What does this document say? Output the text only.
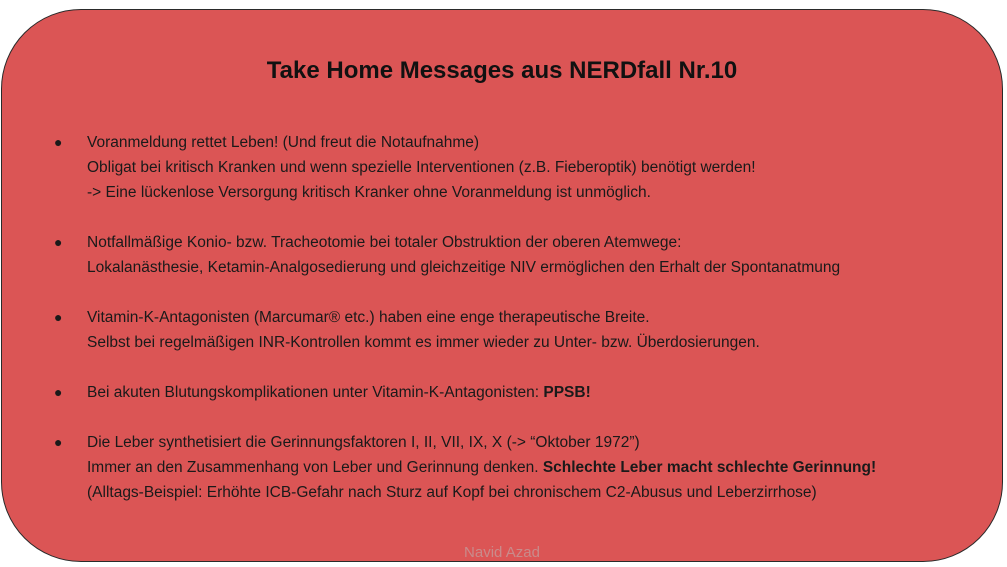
Take Home Messages aus NERDfall Nr.10
● Voranmeldung rettet Leben! (Und freut die Notaufnahme)
Obligat bei kritisch Kranken und wenn spezielle Interventionen (z.B. Fieberoptik) benötigt werden!
-> Eine lückenlose Versorgung kritisch Kranker ohne Voranmeldung ist unmöglich.
● Notfallmäßige Konio- bzw. Tracheotomie bei totaler Obstruktion der oberen Atemwege:
Lokalanästhesie, Ketamin-Analgosedierung und gleichzeitige NIV ermöglichen den Erhalt der Spontanatmung
● Vitamin-K-Antagonisten (Marcumar® etc.) haben eine enge therapeutische Breite.
Selbst bei regelmäßigen INR-Kontrollen kommt es immer wieder zu Unter- bzw. Überdosierungen.
● Bei akuten Blutungskomplikationen unter Vitamin-K-Antagonisten: PPSB!
● Die Leber synthetisiert die Gerinnungsfaktoren I, II, VII, IX, X (-> “Oktober 1972”)
Immer an den Zusammenhang von Leber und Gerinnung denken. Schlechte Leber macht schlechte Gerinnung!
(Alltags-Beispiel: Erhöhte ICB-Gefahr nach Sturz auf Kopf bei chronischem C2-Abusus und Leberzirrhose)
Navid Azad
